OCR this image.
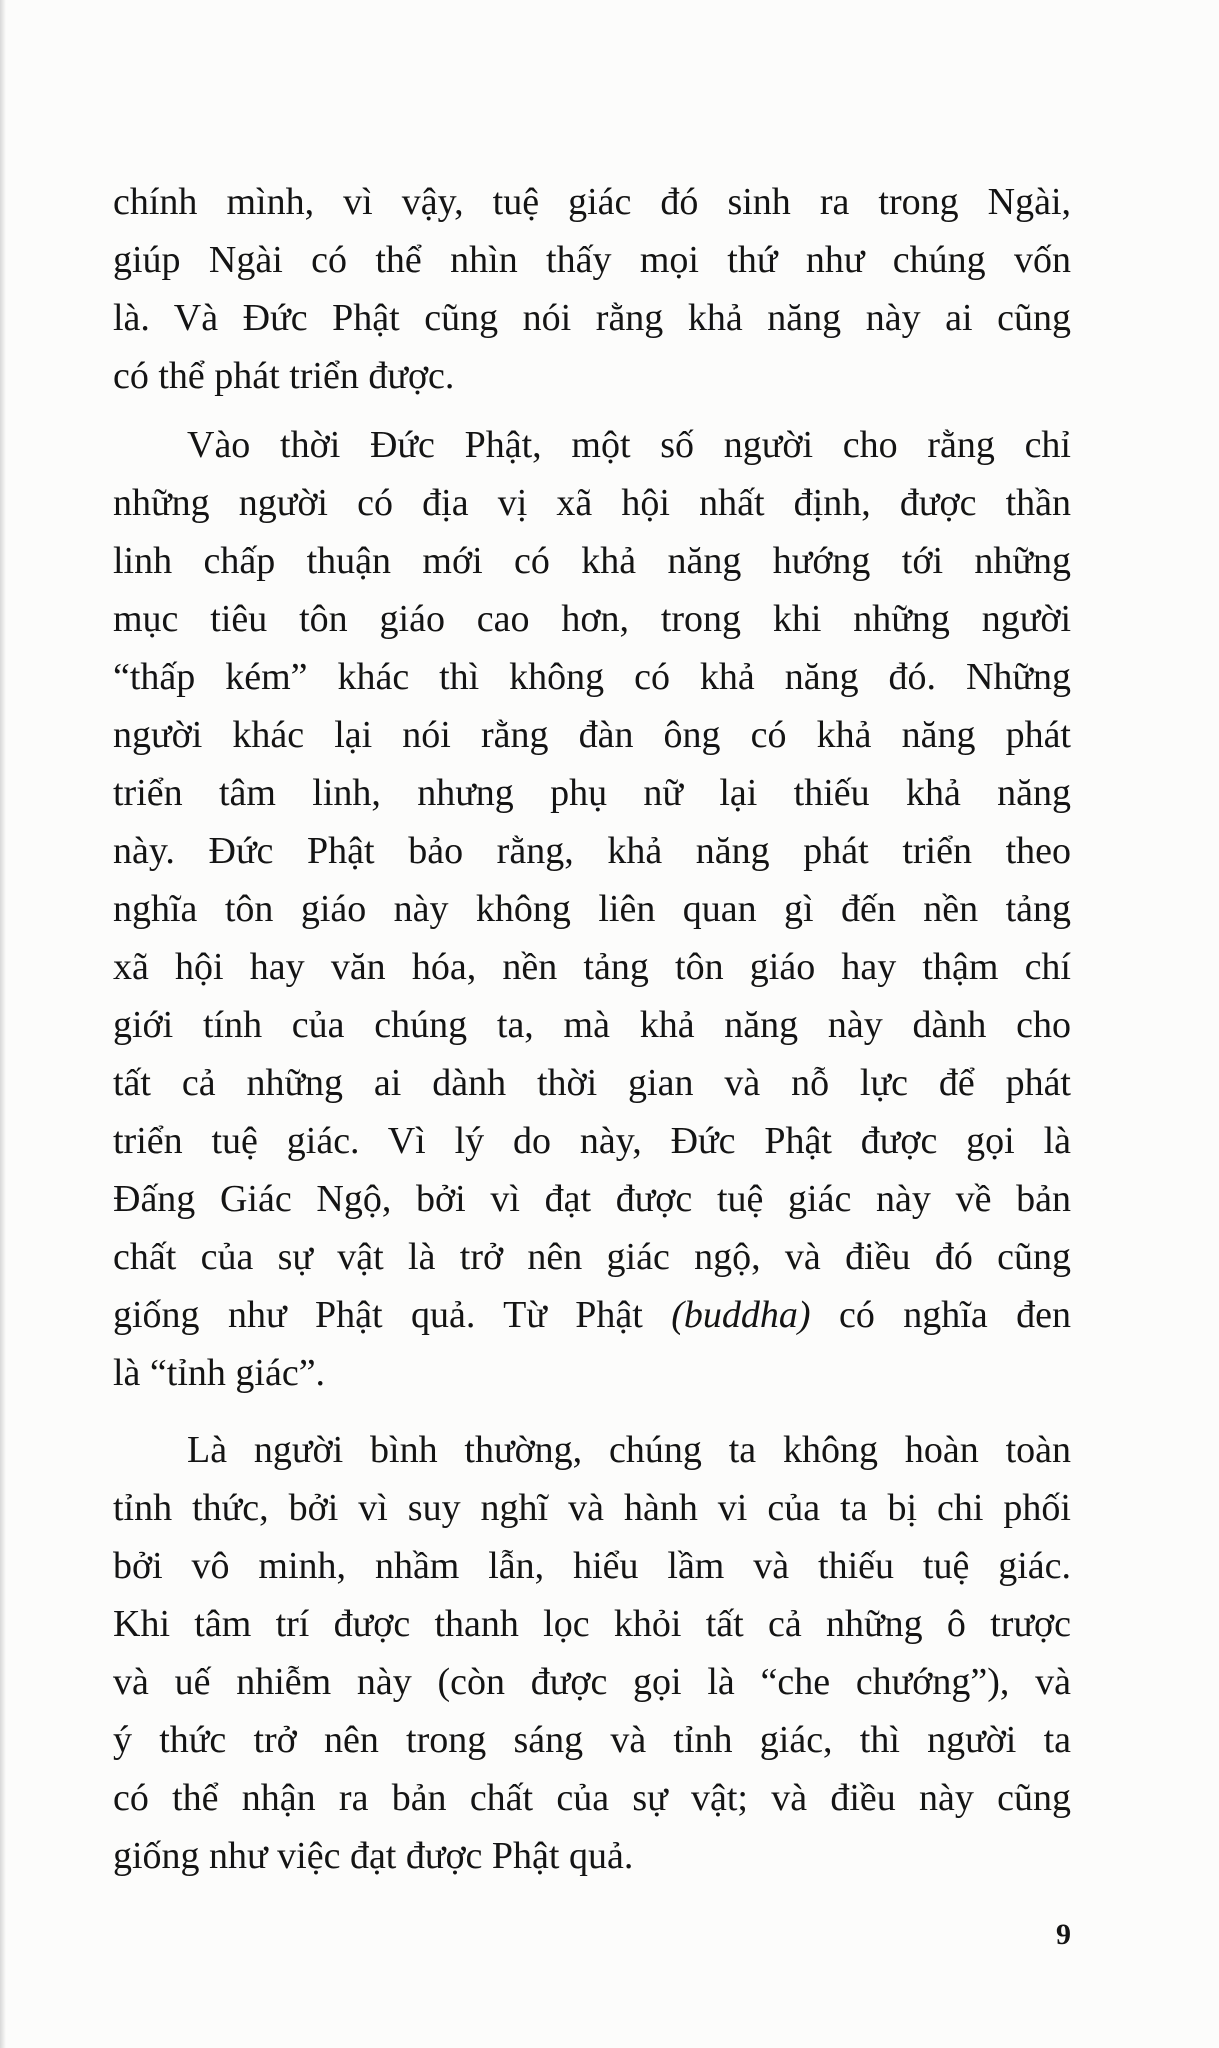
chính mình, vì vậy, tuệ giác đó sinh ra trong Ngài,
giúp Ngài có thể nhìn thấy mọi thứ như chúng vốn
là. Và Đức Phật cũng nói rằng khả năng này ai cũng
có thể phát triển được.
Vào thời Đức Phật, một số người cho rằng chỉ
những người có địa vị xã hội nhất định, được thần
linh chấp thuận mới có khả năng hướng tới những
mục tiêu tôn giáo cao hơn, trong khi những người
“thấp kém” khác thì không có khả năng đó. Những
người khác lại nói rằng đàn ông có khả năng phát
triển tâm linh, nhưng phụ nữ lại thiếu khả năng
này. Đức Phật bảo rằng, khả năng phát triển theo
nghĩa tôn giáo này không liên quan gì đến nền tảng
xã hội hay văn hóa, nền tảng tôn giáo hay thậm chí
giới tính của chúng ta, mà khả năng này dành cho
tất cả những ai dành thời gian và nỗ lực để phát
triển tuệ giác. Vì lý do này, Đức Phật được gọi là
Đấng Giác Ngộ, bởi vì đạt được tuệ giác này về bản
chất của sự vật là trở nên giác ngộ, và điều đó cũng
giống như Phật quả. Từ Phật (buddha) có nghĩa đen
là “tỉnh giác”.
Là người bình thường, chúng ta không hoàn toàn
tỉnh thức, bởi vì suy nghĩ và hành vi của ta bị chi phối
bởi vô minh, nhầm lẫn, hiểu lầm và thiếu tuệ giác.
Khi tâm trí được thanh lọc khỏi tất cả những ô trược
và uế nhiễm này (còn được gọi là “che chướng”), và
ý thức trở nên trong sáng và tỉnh giác, thì người ta
có thể nhận ra bản chất của sự vật; và điều này cũng
giống như việc đạt được Phật quả.
9
